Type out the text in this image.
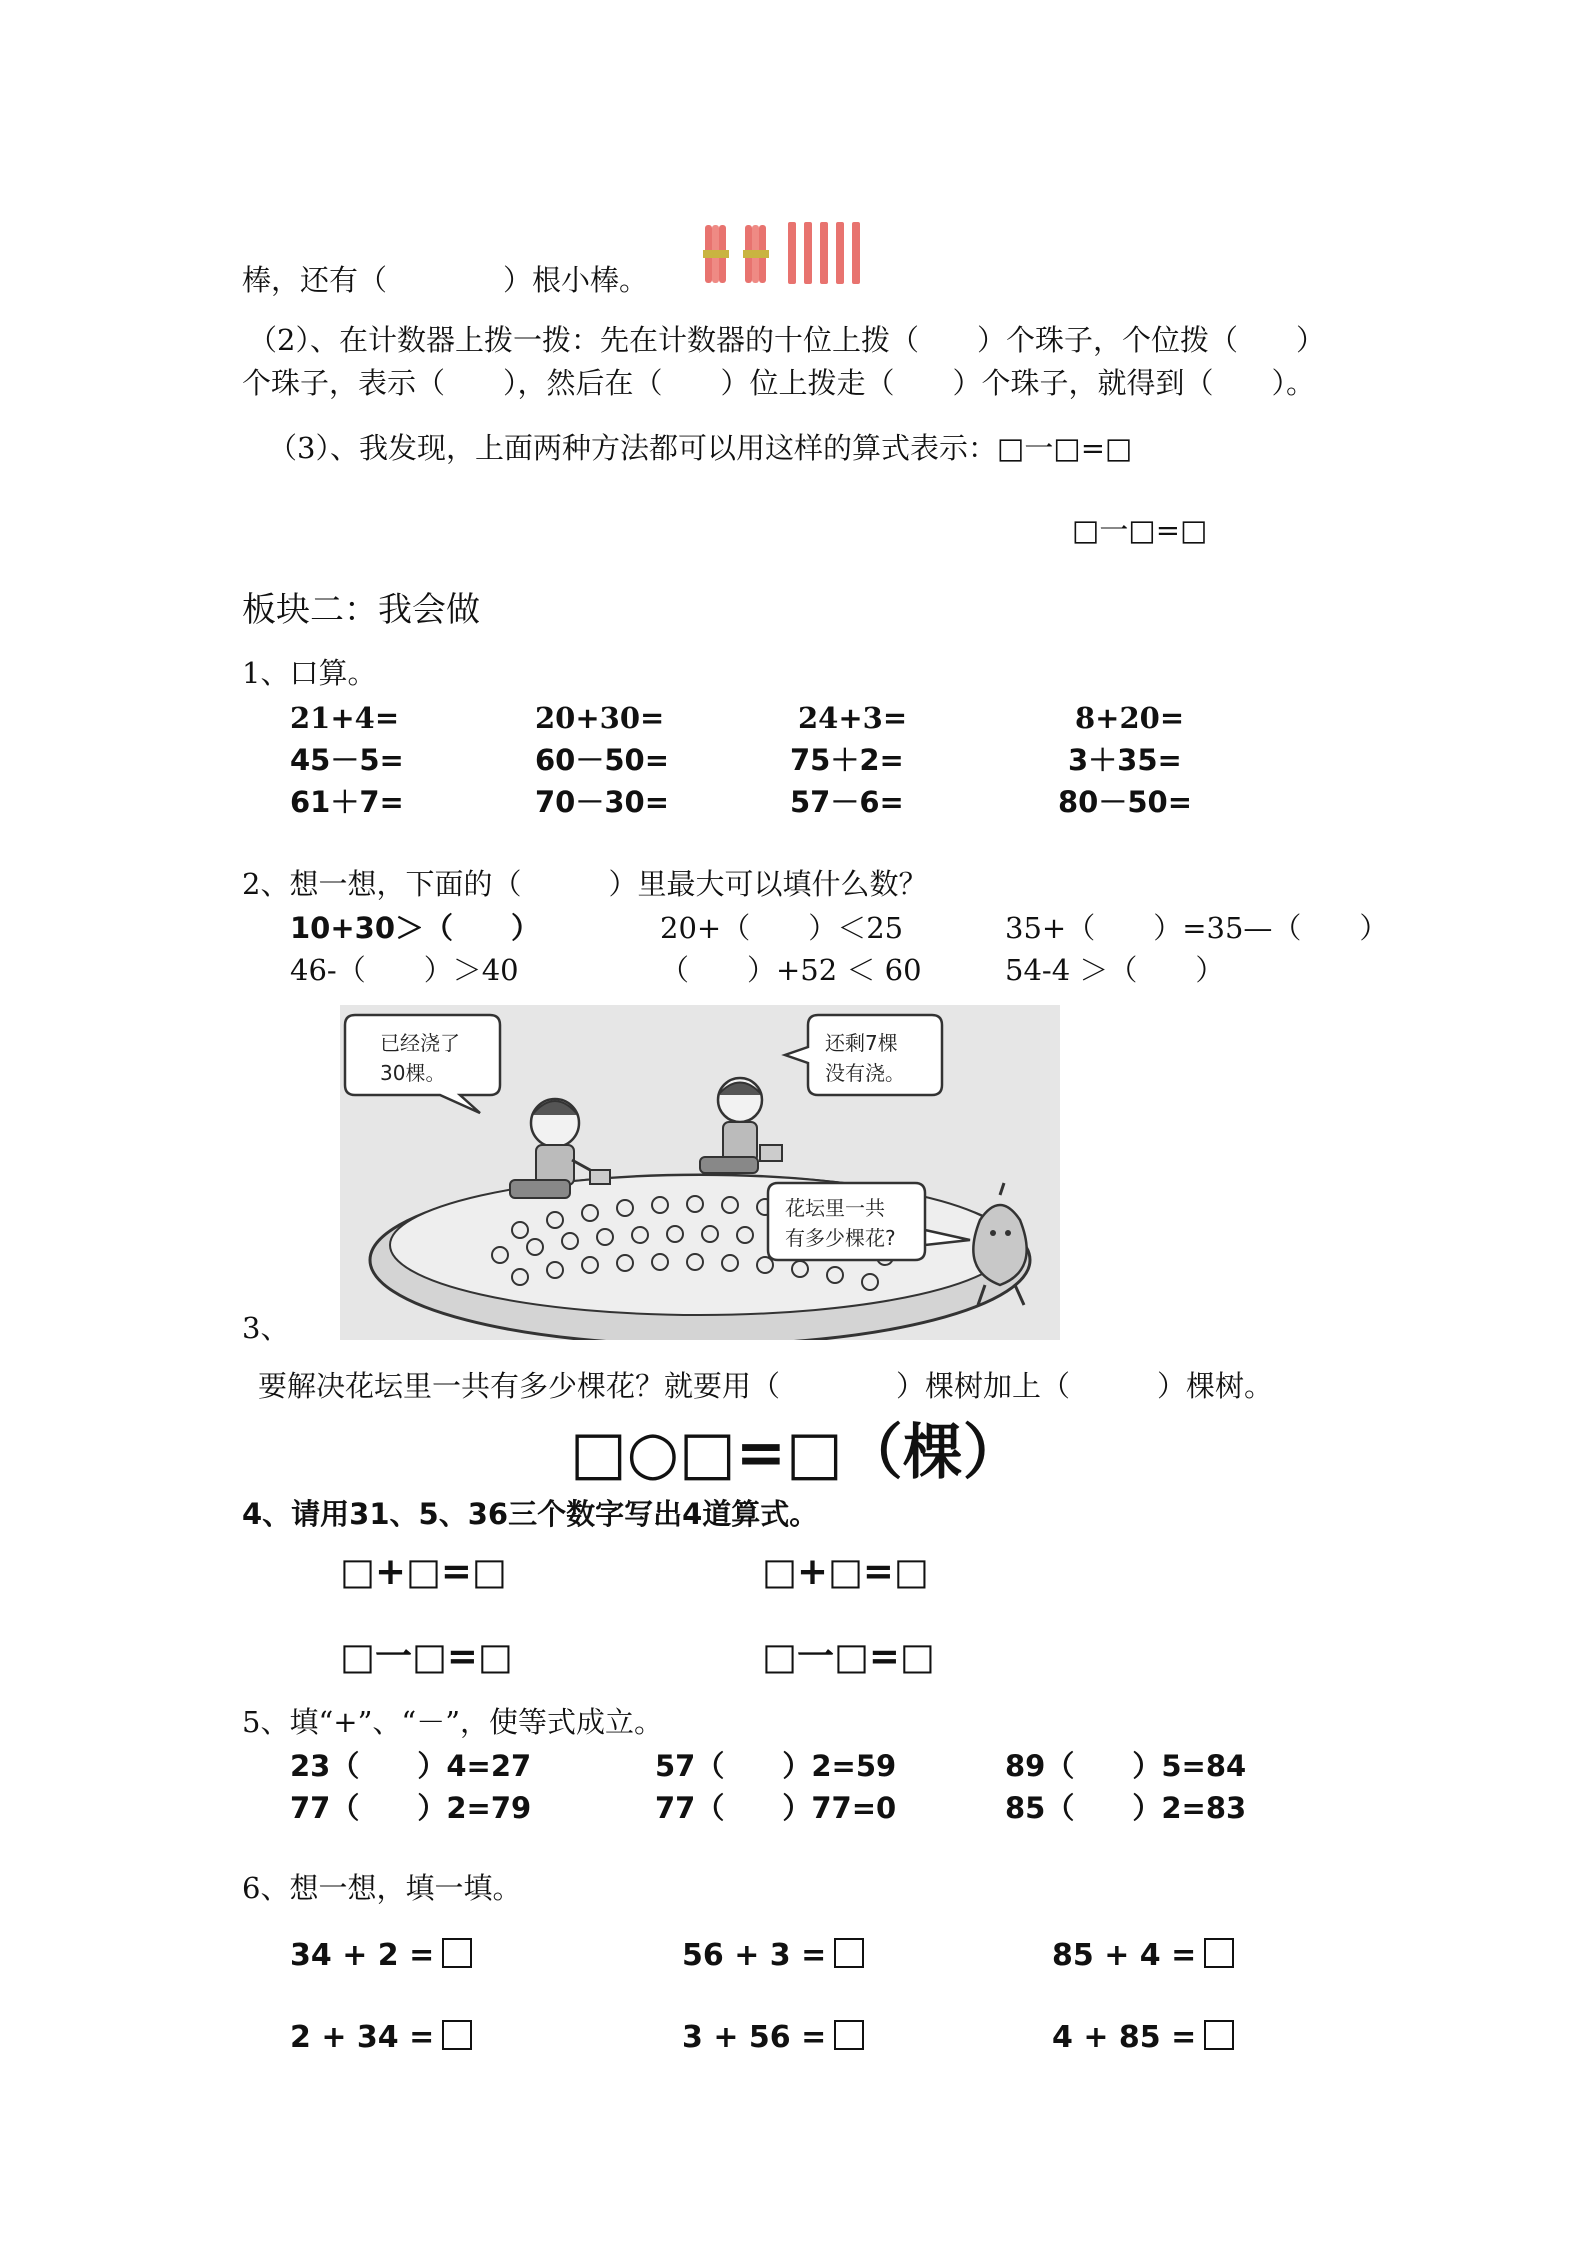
棒，还有（　　　　）根小棒。
（2）、在计数器上拨一拨：先在计数器的十位上拨（　　）个珠子，个位拨（　　）
个珠子，表示（　　），然后在（　　）位上拨走（　　）个珠子，就得到（　　）。
（3）、我发现，上面两种方法都可以用这样的算式表示：□一□=□
□一□=□
板块二：我会做
1、口算。
21+4=	20+30=	24+3=	8+20=
45－5=	60－50=	75＋2=	3＋35=
61＋7=	70－30=	57－6=	80－50=
2、想一想，下面的（　　　）里最大可以填什么数？
10+30＞（　　）	20+（　　）＜25	35+（　　）=35—（　　）
46-（　　）＞40	（　　）+52 ＜ 60	54-4 ＞（　　）
已经浇了
30棵。
还剩7棵
没有浇。
花坛里一共
有多少棵花?
3、
要解决花坛里一共有多少棵花？就要用（　　　　）棵树加上（　　　）棵树。
□○□=□（棵）
4、请用31、5、36三个数字写出4道算式。
□+□=□	□+□=□
□一□=□	□一□=□
5、填“+”、“－”，使等式成立。
23（　　）4=27	57（　　）2=59	89（　　）5=84
77（　　）2=79	77（　　）77=0	85（　　）2=83
6、想一想，填一填。
34 + 2 =	56 + 3 =	85 + 4 =
2 + 34 =	3 + 56 =	4 + 85 =
